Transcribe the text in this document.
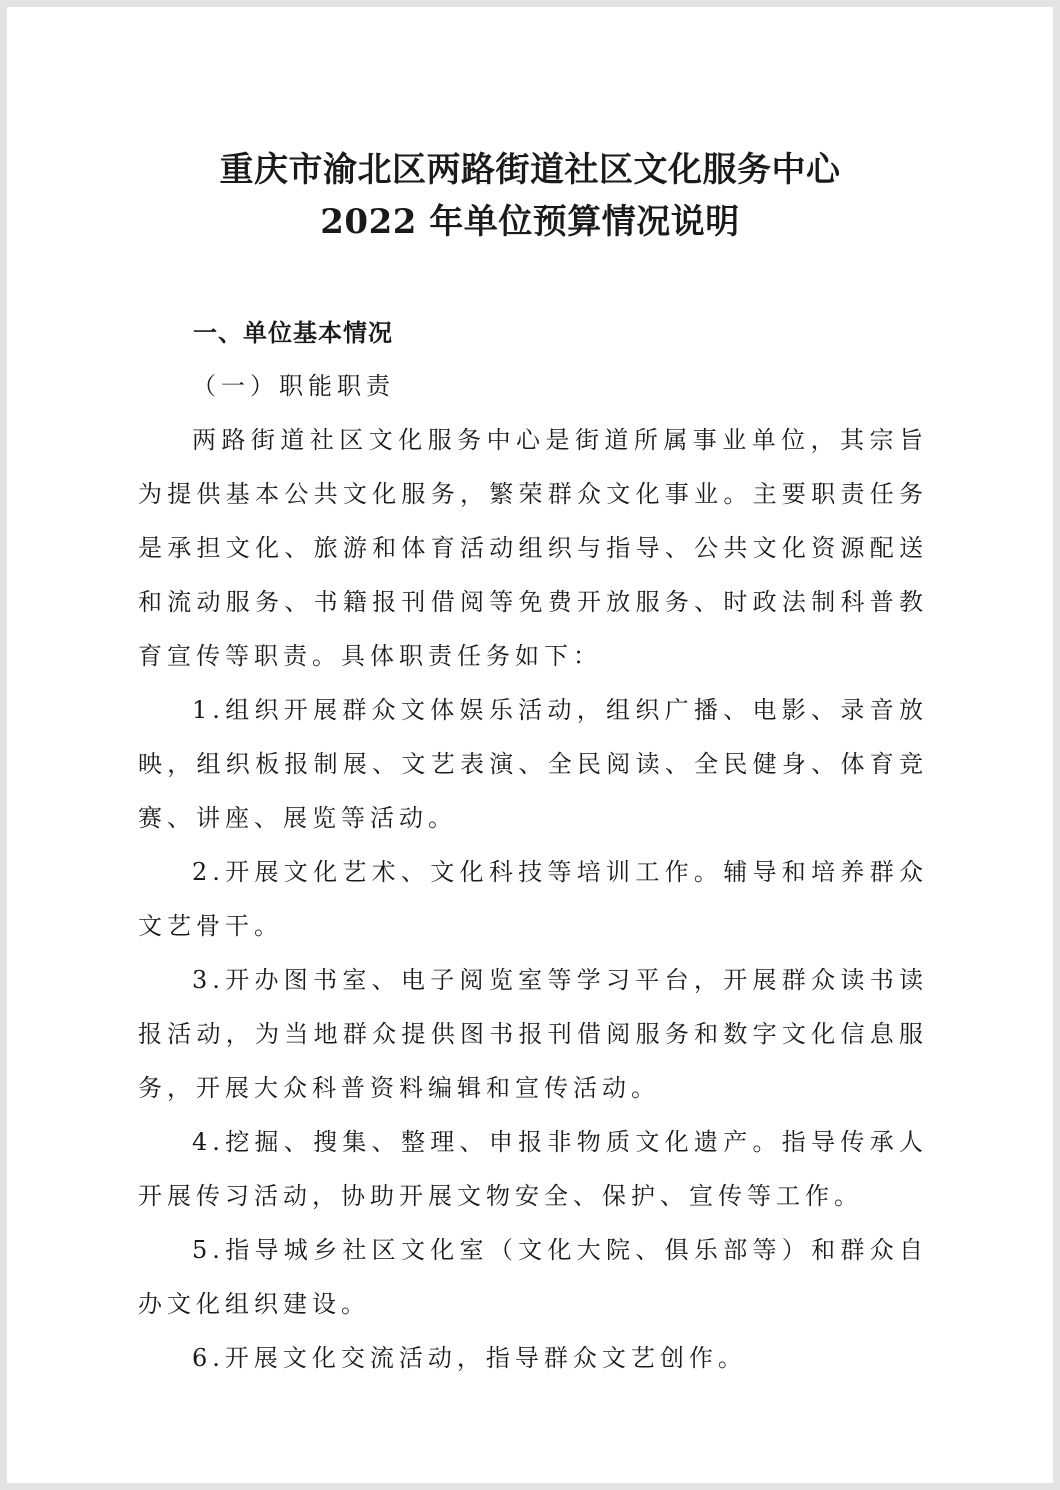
重庆市渝北区两路街道社区文化服务中心
2022 年单位预算情况说明
一、单位基本情况

（一）职能职责

两路街道社区文化服务中心是街道所属事业单位，其宗旨为提供基本公共文化服务，繁荣群众文化事业。主要职责任务是承担文化、旅游和体育活动组织与指导、公共文化资源配送和流动服务、书籍报刊借阅等免费开放服务、时政法制科普教育宣传等职责。具体职责任务如下：

1.组织开展群众文体娱乐活动，组织广播、电影、录音放映，组织板报制展、文艺表演、全民阅读、全民健身、体育竞赛、讲座、展览等活动。

2.开展文化艺术、文化科技等培训工作。辅导和培养群众文艺骨干。

3.开办图书室、电子阅览室等学习平台，开展群众读书读报活动，为当地群众提供图书报刊借阅服务和数字文化信息服务，开展大众科普资料编辑和宣传活动。

4.挖掘、搜集、整理、申报非物质文化遗产。指导传承人开展传习活动，协助开展文物安全、保护、宣传等工作。

5.指导城乡社区文化室（文化大院、俱乐部等）和群众自办文化组织建设。

6.开展文化交流活动，指导群众文艺创作。
